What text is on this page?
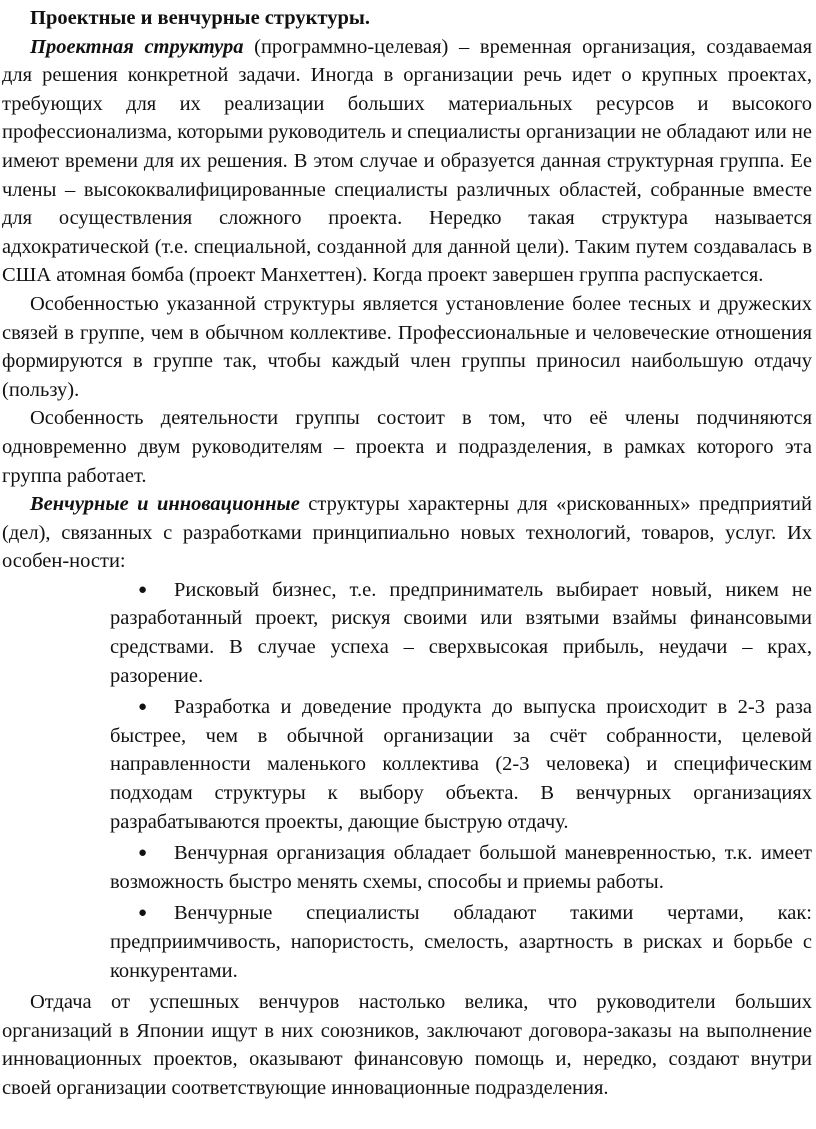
Проектные и венчурные структуры.

Проектная структура (программно-целевая) – временная организация, создаваемая для решения конкретной задачи. Иногда в организации речь идет о крупных проектах, требующих для их реализации больших материальных ресурсов и высокого профессионализма, которыми руководитель и специалисты организации не обладают или не имеют времени для их решения. В этом случае и образуется данная структурная группа. Ее члены – высококвалифицированные специалисты различных областей, собранные вместе для осуществления сложного проекта. Нередко такая структура называется адхократической (т.е. специальной, созданной для данной цели). Таким путем создавалась в США атомная бомба (проект Манхеттен). Когда проект завершен группа распускается.

Особенностью указанной структуры является установление более тесных и дружеских связей в группе, чем в обычном коллективе. Профессиональные и человеческие отношения формируются в группе так, чтобы каждый член группы приносил наибольшую отдачу (пользу).

Особенность деятельности группы состоит в том, что её члены подчиняются одновременно двум руководителям – проекта и подразделения, в рамках которого эта группа работает.

Венчурные и инновационные структуры характерны для «рискованных» предприятий (дел), связанных с разработками принципиально новых технологий, товаров, услуг. Их особен-ности:

● Рисковый бизнес, т.е. предприниматель выбирает новый, никем не разработанный проект, рискуя своими или взятыми взаймы финансовыми средствами. В случае успеха – сверхвысокая прибыль, неудачи – крах, разорение.
● Разработка и доведение продукта до выпуска происходит в 2-3 раза быстрее, чем в обычной организации за счёт собранности, целевой направленности маленького коллектива (2-3 человека) и специфическим подходам структуры к выбору объекта. В венчурных организациях разрабатываются проекты, дающие быструю отдачу.
● Венчурная организация обладает большой маневренностью, т.к. имеет возможность быстро менять схемы, способы и приемы работы.
● Венчурные специалисты обладают такими чертами, как: предприимчивость, напористость, смелость, азартность в рисках и борьбе с конкурентами.

Отдача от успешных венчуров настолько велика, что руководители больших организаций в Японии ищут в них союзников, заключают договора-заказы на выполнение инновационных проектов, оказывают финансовую помощь и, нередко, создают внутри своей организации соответствующие инновационные подразделения.
